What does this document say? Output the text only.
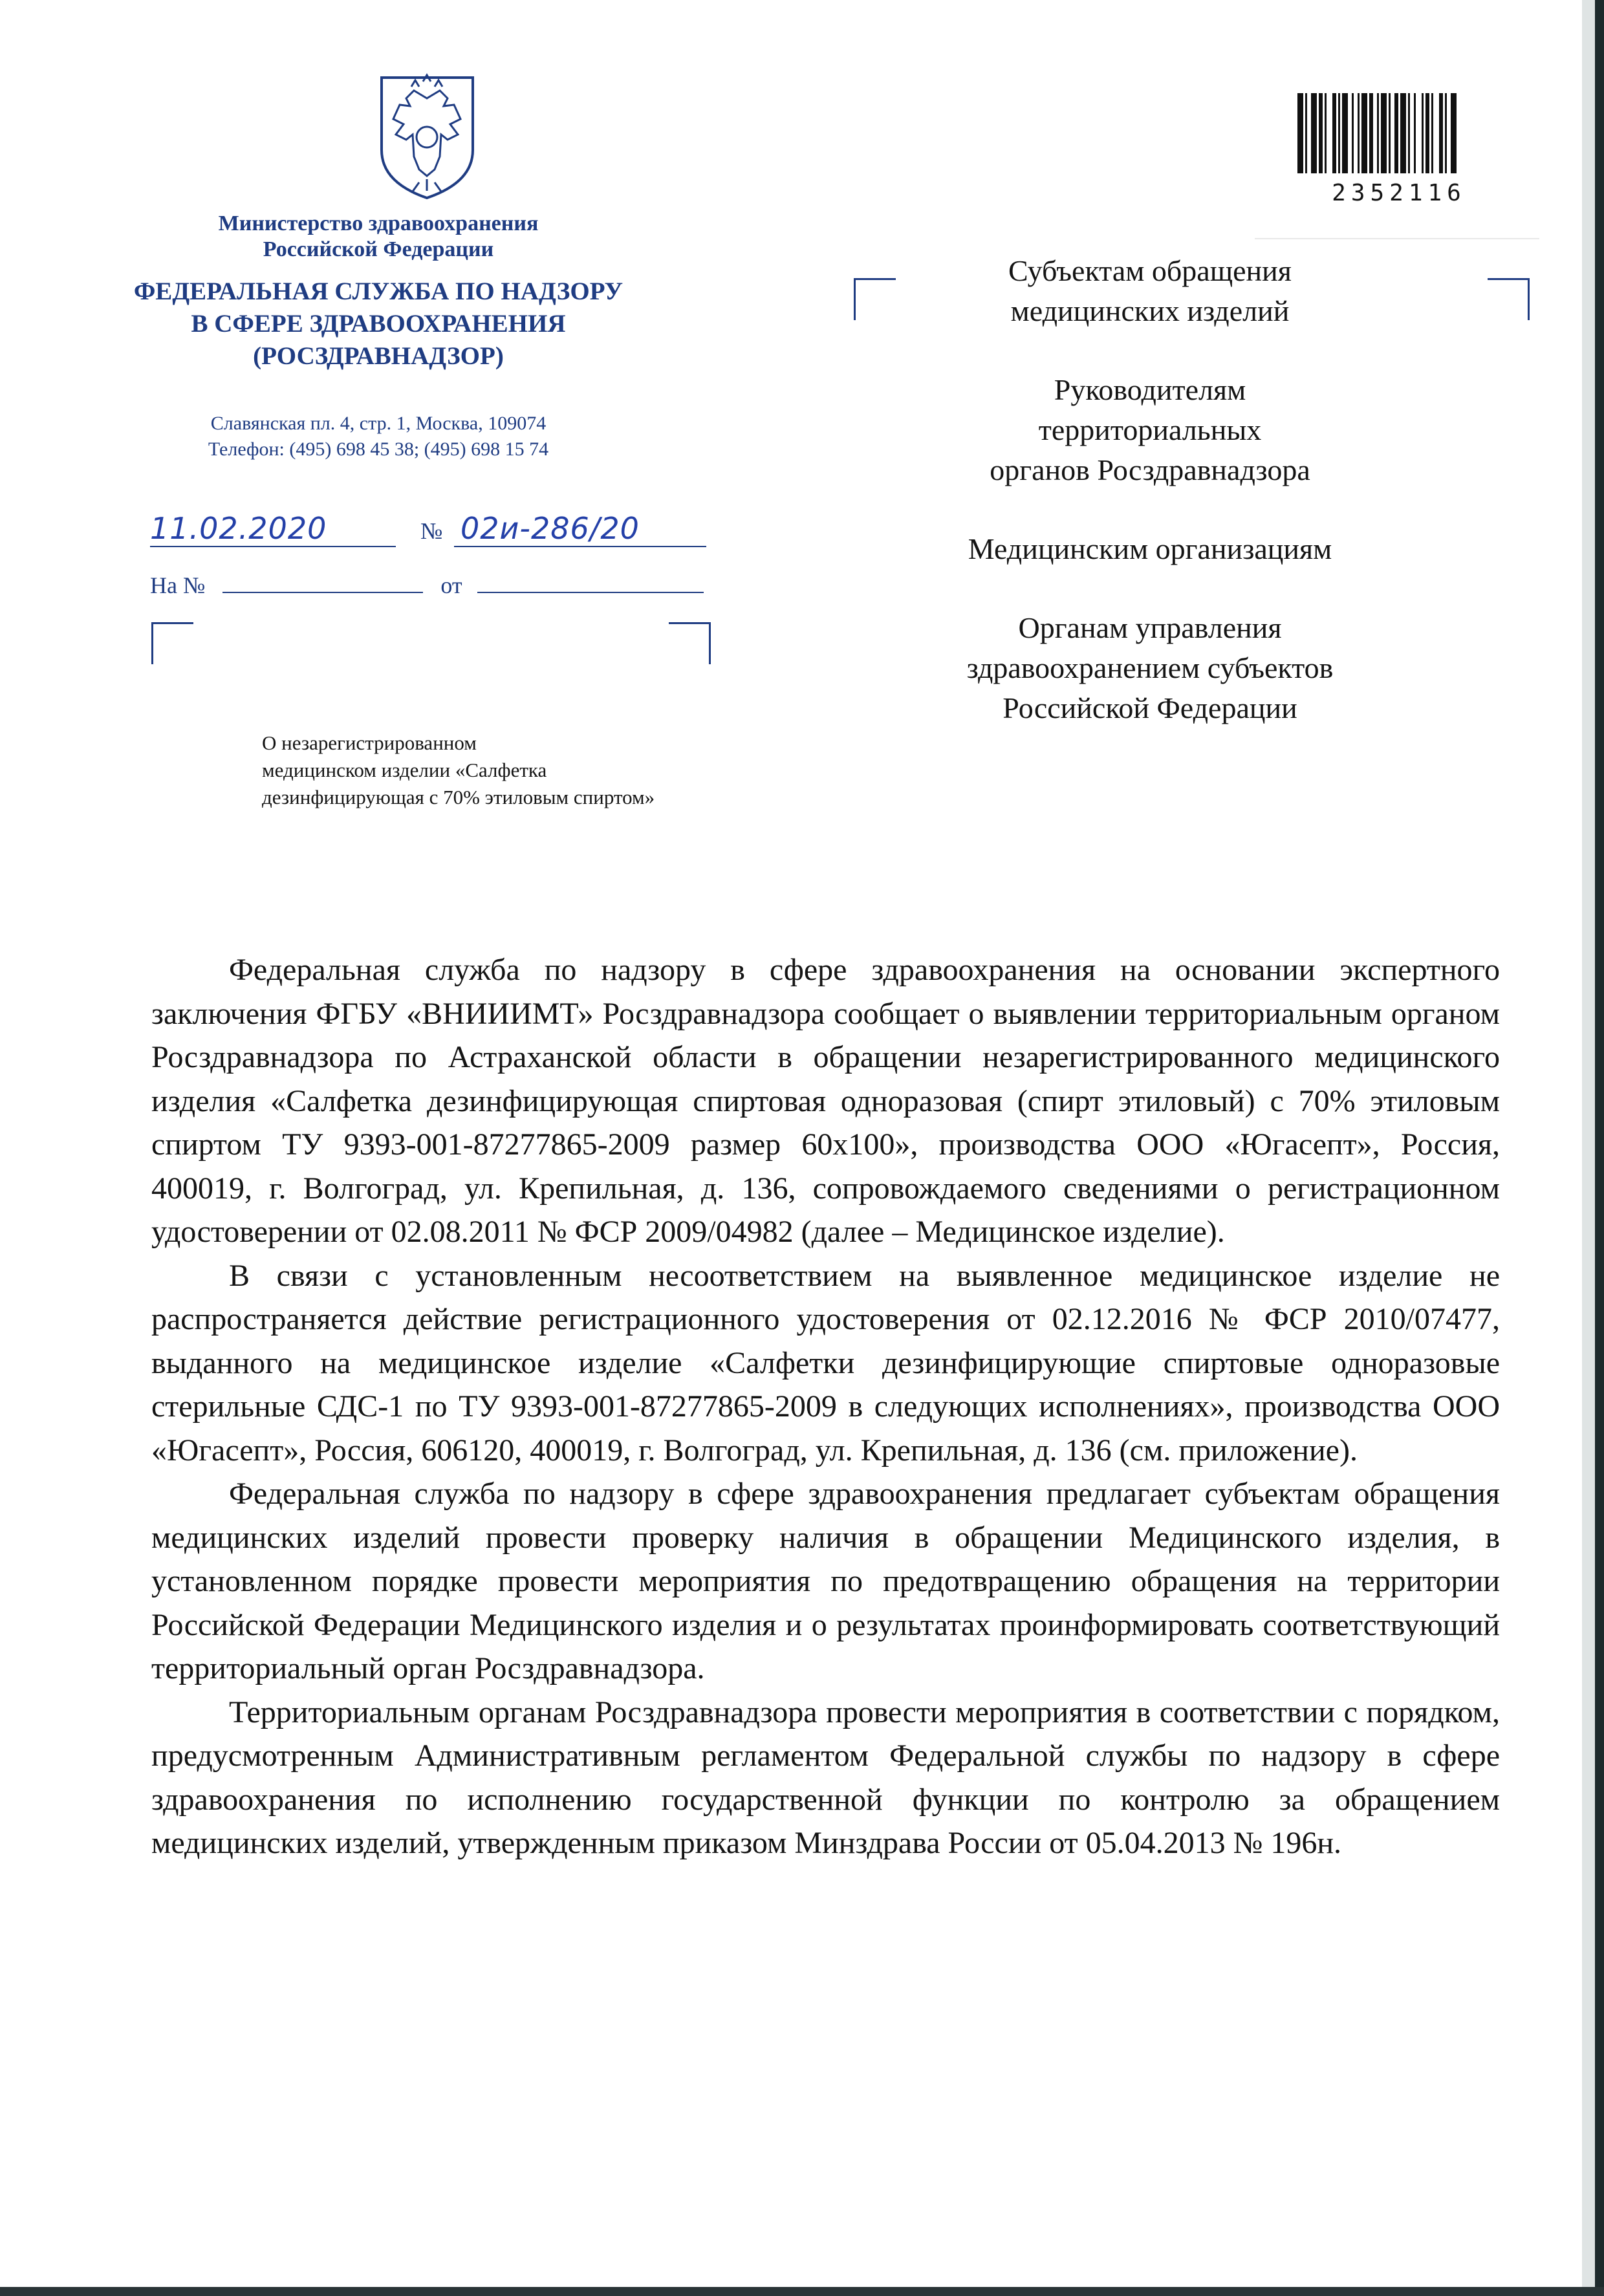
Министерство здравоохранения
Российской Федерации
ФЕДЕРАЛЬНАЯ СЛУЖБА ПО НАДЗОРУ
В СФЕРЕ ЗДРАВООХРАНЕНИЯ
(РОСЗДРАВНАДЗОР)
Славянская пл. 4, стр. 1, Москва, 109074
Телефон: (495) 698 45 38; (495) 698 15 74
11.02.2020	№ 02и-286/20
На №	от
О незарегистрированном
медицинском изделии «Салфетка
дезинфицирующая с 70% этиловым спиртом»
2352116
Субъектам обращения
медицинских изделий
Руководителям
территориальных
органов Росздравнадзора
Медицинским организациям
Органам управления
здравоохранением субъектов
Российской Федерации

Федеральная служба по надзору в сфере здравоохранения на основании экспертного заключения ФГБУ «ВНИИИМТ» Росздравнадзора сообщает о выявлении территориальным органом Росздравнадзора по Астраханской области в обращении незарегистрированного медицинского изделия «Салфетка дезинфицирующая спиртовая одноразовая (спирт этиловый) с 70% этиловым спиртом ТУ 9393-001-87277865-2009 размер 60х100», производства ООО «Югасепт», Россия, 400019, г. Волгоград, ул. Крепильная, д. 136, сопровождаемого сведениями о регистрационном удостоверении от 02.08.2011 № ФСР 2009/04982 (далее – Медицинское изделие).

В связи с установленным несоответствием на выявленное медицинское изделие не распространяется действие регистрационного удостоверения от 02.12.2016 № ФСР 2010/07477, выданного на медицинское изделие «Салфетки дезинфицирующие спиртовые одноразовые стерильные СДС-1 по ТУ 9393-001-87277865-2009 в следующих исполнениях», производства ООО «Югасепт», Россия, 606120, 400019, г. Волгоград, ул. Крепильная, д. 136 (см. приложение).

Федеральная служба по надзору в сфере здравоохранения предлагает субъектам обращения медицинских изделий провести проверку наличия в обращении Медицинского изделия, в установленном порядке провести мероприятия по предотвращению обращения на территории Российской Федерации Медицинского изделия и о результатах проинформировать соответствующий территориальный орган Росздравнадзора.

Территориальным органам Росздравнадзора провести мероприятия в соответствии с порядком, предусмотренным Административным регламентом Федеральной службы по надзору в сфере здравоохранения по исполнению государственной функции по контролю за обращением медицинских изделий, утвержденным приказом Минздрава России от 05.04.2013 № 196н.
